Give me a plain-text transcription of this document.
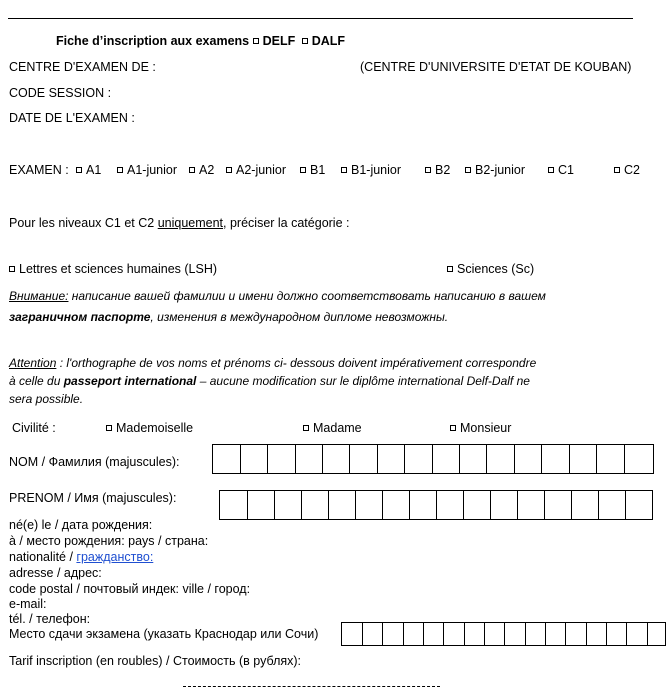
Fiche d’inscription aux examens DELF DALF
CENTRE D'EXAMEN DE :	(CENTRE D'UNIVERSITE D'ETAT DE KOUBAN)
CODE SESSION :
DATE DE L'EXAMEN :
EXAMEN :	A1	A1-junior	A2	A2-junior	B1	B1-junior	B2	B2-junior	C1	C2
Pour les niveaux C1 et C2 uniquement, préciser la catégorie :
Lettres et sciences humaines (LSH)	Sciences (Sc)
Внимание: написание вашей фамилии и имени должно соответствовать написанию в вашем
заграничном паспорте, изменения в международном дипломе невозможны.
Attention : l'orthographe de vos noms et prénoms ci- dessous doivent impérativement correspondre
à celle du passeport international – aucune modification sur le diplôme international Delf-Dalf ne
sera possible.
Civilité :	Mademoiselle	Madame	Monsieur
NOM / Фамилия (majuscules):
PRENOM / Имя (majuscules):
né(e) le / дата рождения:
à / место рождения: pays / страна:
nationalité / гражданство:
adresse / адрес:
code postal / почтовый индек: ville / город:
e-mail:
tél. / телефон:
Место сдачи экзамена (указать Краснодар или Сочи)
Tarif inscription (en roubles) / Стоимость (в рублях):
